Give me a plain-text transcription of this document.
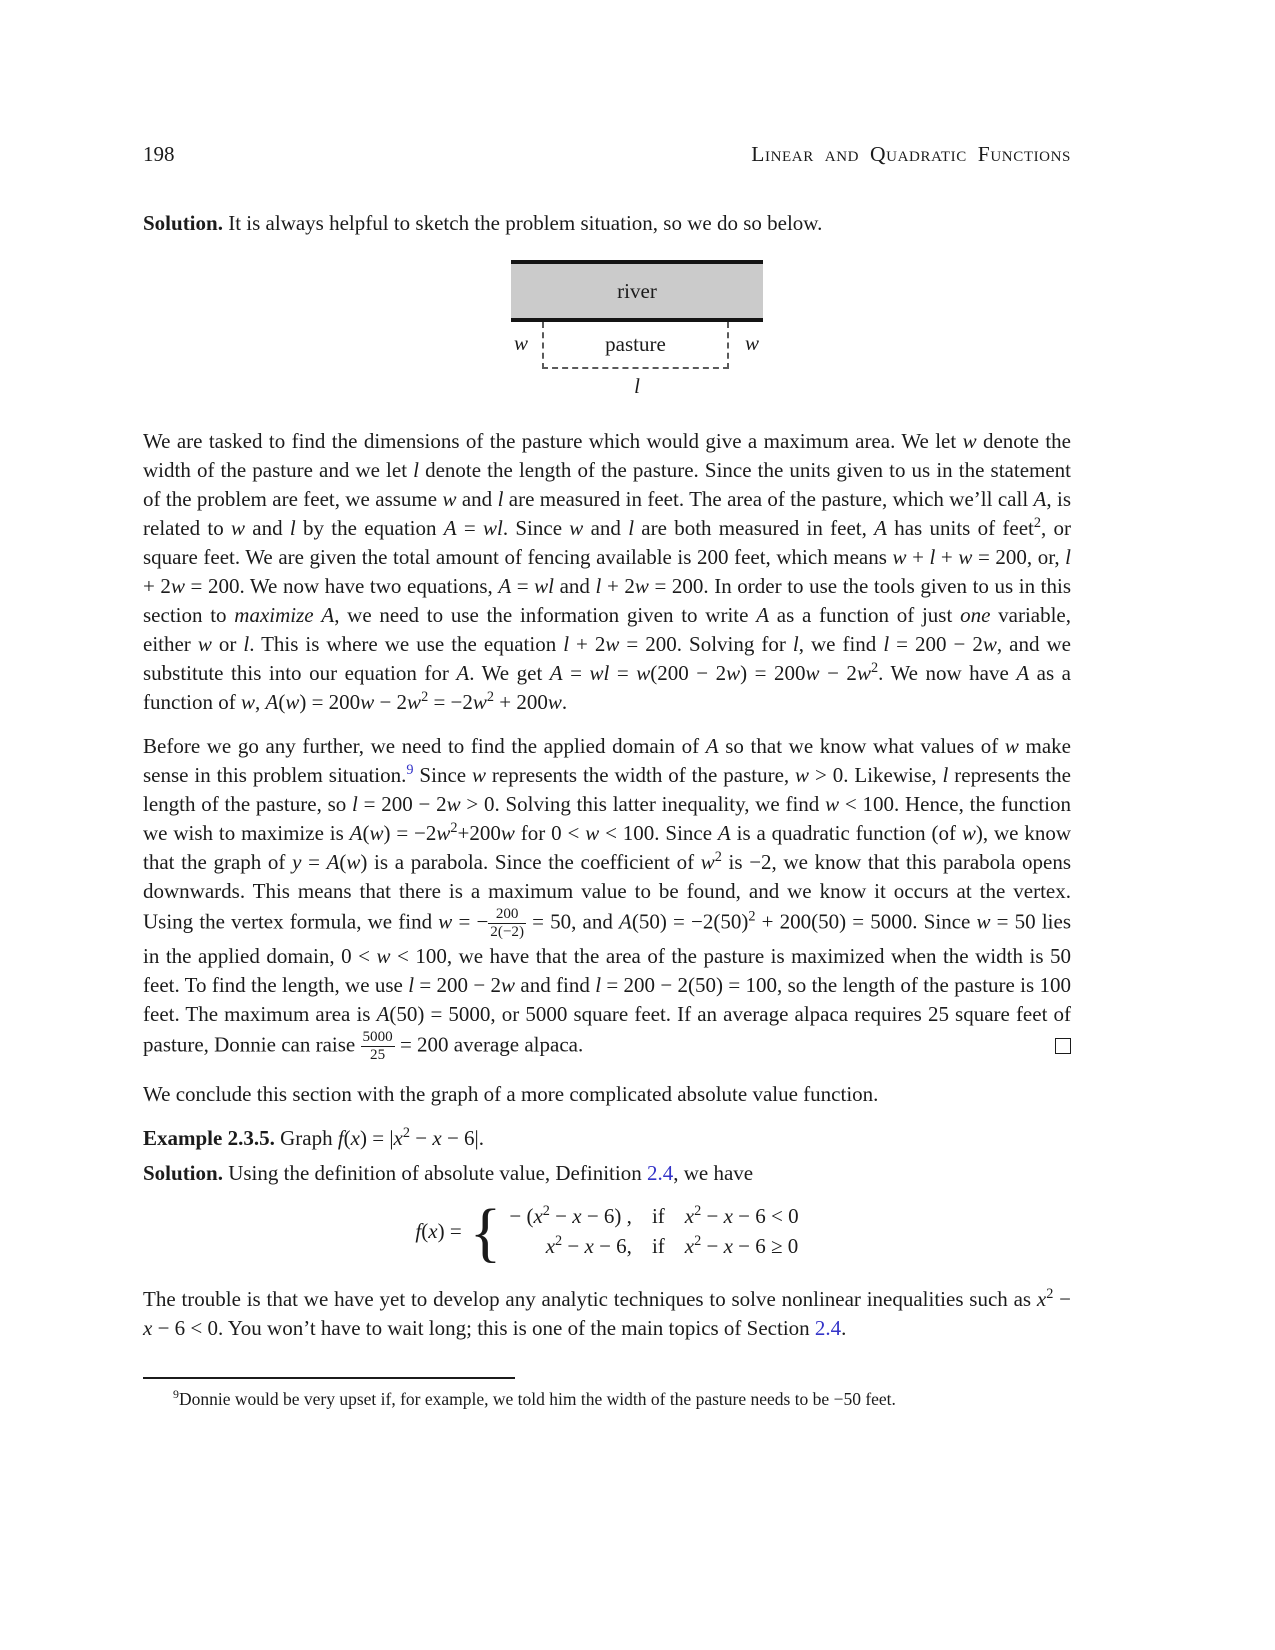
198	Linear and Quadratic Functions

Solution. It is always helpful to sketch the problem situation, so we do so below.

river
w	pasture	w
l

We are tasked to find the dimensions of the pasture which would give a maximum area. We let w denote the width of the pasture and we let l denote the length of the pasture. Since the units given to us in the statement of the problem are feet, we assume w and l are measured in feet. The area of the pasture, which we’ll call A, is related to w and l by the equation A = wl. Since w and l are both measured in feet, A has units of feet$^2$, or square feet. We are given the total amount of fencing available is 200 feet, which means w + l + w = 200, or, l + 2w = 200. We now have two equations, A = wl and l + 2w = 200. In order to use the tools given to us in this section to maximize A, we need to use the information given to write A as a function of just one variable, either w or l. This is where we use the equation l + 2w = 200. Solving for l, we find l = 200 − 2w, and we substitute this into our equation for A. We get A = wl = $w(200 - 2w) = 200w - 2w^2$. We now have A as a function of w, $A(w) = 200w - 2w^2 = -2w^2 + 200w$.

Before we go any further, we need to find the applied domain of A so that we know what values of w make sense in this problem situation.$^9$ Since w represents the width of the pasture, w > 0. Likewise, l represents the length of the pasture, so l = 200 − 2w > 0. Solving this latter inequality, we find w < 100. Hence, the function we wish to maximize is $A(w) = -2w^2+200w$ for 0 < w < 100. Since A is a quadratic function (of w), we know that the graph of y = A(w) is a parabola. Since the coefficient of $w^2$ is −2, we know that this parabola opens downwards. This means that there is a maximum value to be found, and we know it occurs at the vertex. Using the vertex formula, we find w = − $\frac{200}{2(-2)} = 50$, and $A(50) = -2(50)^2 + 200(50) = 5000$. Since w = 50 lies in the applied domain, 0 < w < 100, we have that the area of the pasture is maximized when the width is 50 feet. To find the length, we use l = 200 − 2w and find l = 200 − 2(50) = 100, so the length of the pasture is 100 feet. The maximum area is A(50) = 5000, or 5000 square feet. If an average alpaca requires 25 square feet of pasture, Donnie can raise $\frac{5000}{25} = 200$ average alpaca.

We conclude this section with the graph of a more complicated absolute value function.

Example 2.3.5. Graph $f(x) = |x^2 - x - 6|$.

Solution. Using the definition of absolute value, Definition 2.4, we have

f(x) = { − $(x^2 - x - 6)$ , if $x^2 - x - 6 < 0$
$x^2 - x - 6$, if $x^2 - x - 6 \ge 0$

The trouble is that we have yet to develop any analytic techniques to solve nonlinear inequalities such as $x^2 - x - 6 < 0$. You won’t have to wait long; this is one of the main topics of Section 2.4.

$^9$Donnie would be very upset if, for example, we told him the width of the pasture needs to be −50 feet.
